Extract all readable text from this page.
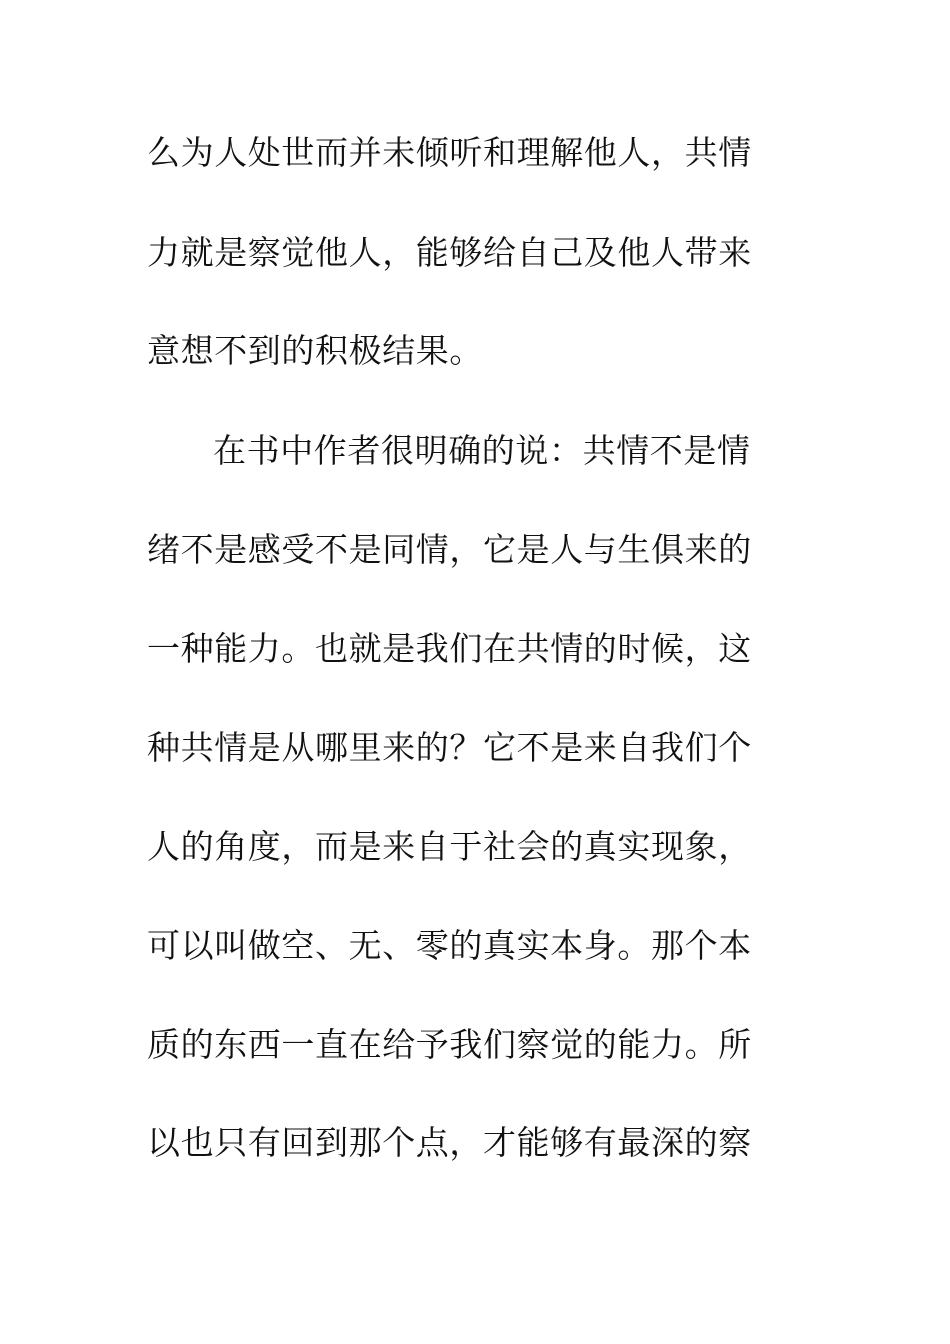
么为人处世而并未倾听和理解他人，共情
力就是察觉他人，能够给自己及他人带来
意想不到的积极结果。
在书中作者很明确的说：共情不是情
绪不是感受不是同情，它是人与生俱来的
一种能力。也就是我们在共情的时候，这
种共情是从哪里来的？它不是来自我们个
人的角度，而是来自于社会的真实现象，
可以叫做空、无、零的真实本身。那个本
质的东西一直在给予我们察觉的能力。所
以也只有回到那个点，才能够有最深的察
